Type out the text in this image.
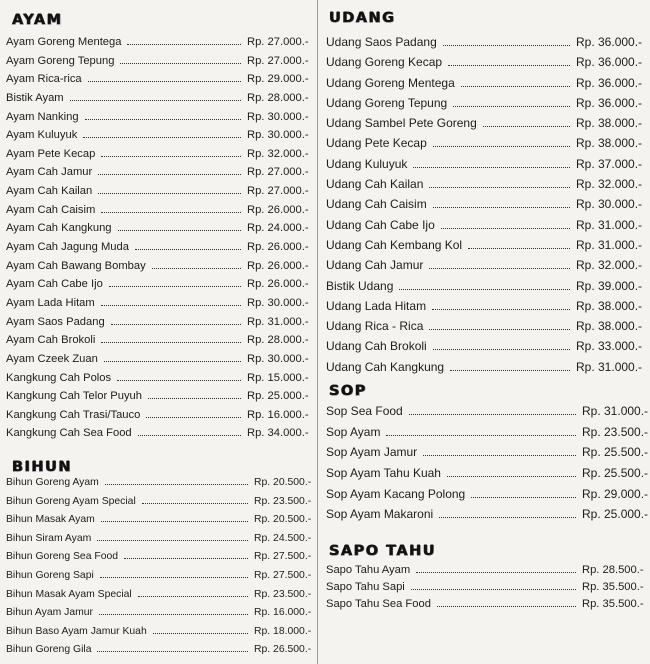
AYAM
Ayam Goreng Mentega	Rp. 27.000.-
Ayam Goreng Tepung	Rp. 27.000.-
Ayam Rica-rica	Rp. 29.000.-
Bistik Ayam	Rp. 28.000.-
Ayam Nanking	Rp. 30.000.-
Ayam Kuluyuk	Rp. 30.000.-
Ayam Pete Kecap	Rp. 32.000.-
Ayam Cah Jamur	Rp. 27.000.-
Ayam Cah Kailan	Rp. 27.000.-
Ayam Cah Caisim	Rp. 26.000.-
Ayam Cah Kangkung	Rp. 24.000.-
Ayam Cah Jagung Muda	Rp. 26.000.-
Ayam Cah Bawang Bombay	Rp. 26.000.-
Ayam Cah Cabe Ijo	Rp. 26.000.-
Ayam Lada Hitam	Rp. 30.000.-
Ayam Saos Padang	Rp. 31.000.-
Ayam Cah Brokoli	Rp. 28.000.-
Ayam Czeek Zuan	Rp. 30.000.-
Kangkung Cah Polos	Rp. 15.000.-
Kangkung Cah Telor Puyuh	Rp. 25.000.-
Kangkung Cah Trasi/Tauco	Rp. 16.000.-
Kangkung Cah Sea Food	Rp. 34.000.-
BIHUN
Bihun Goreng Ayam	Rp. 20.500.-
Bihun Goreng Ayam Special	Rp. 23.500.-
Bihun Masak Ayam	Rp. 20.500.-
Bihun Siram Ayam	Rp. 24.500.-
Bihun Goreng Sea Food	Rp. 27.500.-
Bihun Goreng Sapi	Rp. 27.500.-
Bihun Masak Ayam Special	Rp. 23.500.-
Bihun Ayam Jamur	Rp. 16.000.-
Bihun Baso Ayam Jamur Kuah	Rp. 18.000.-
Bihun Goreng Gila	Rp. 26.500.-
UDANG
Udang Saos Padang	Rp. 36.000.-
Udang Goreng Kecap	Rp. 36.000.-
Udang Goreng Mentega	Rp. 36.000.-
Udang Goreng Tepung	Rp. 36.000.-
Udang Sambel Pete Goreng	Rp. 38.000.-
Udang Pete Kecap	Rp. 38.000.-
Udang Kuluyuk	Rp. 37.000.-
Udang Cah Kailan	Rp. 32.000.-
Udang Cah Caisim	Rp. 30.000.-
Udang Cah Cabe Ijo	Rp. 31.000.-
Udang Cah Kembang Kol	Rp. 31.000.-
Udang Cah Jamur	Rp. 32.000.-
Bistik Udang	Rp. 39.000.-
Udang Lada Hitam	Rp. 38.000.-
Udang Rica - Rica	Rp. 38.000.-
Udang Cah Brokoli	Rp. 33.000.-
Udang Cah Kangkung	Rp. 31.000.-
SOP
Sop Sea Food	Rp. 31.000.-
Sop Ayam	Rp. 23.500.-
Sop Ayam Jamur	Rp. 25.500.-
Sop Ayam Tahu Kuah	Rp. 25.500.-
Sop Ayam Kacang Polong	Rp. 29.000.-
Sop Ayam Makaroni	Rp. 25.000.-
SAPO TAHU
Sapo Tahu Ayam	Rp. 28.500.-
Sapo Tahu Sapi	Rp. 35.500.-
Sapo Tahu Sea Food	Rp. 35.500.-
